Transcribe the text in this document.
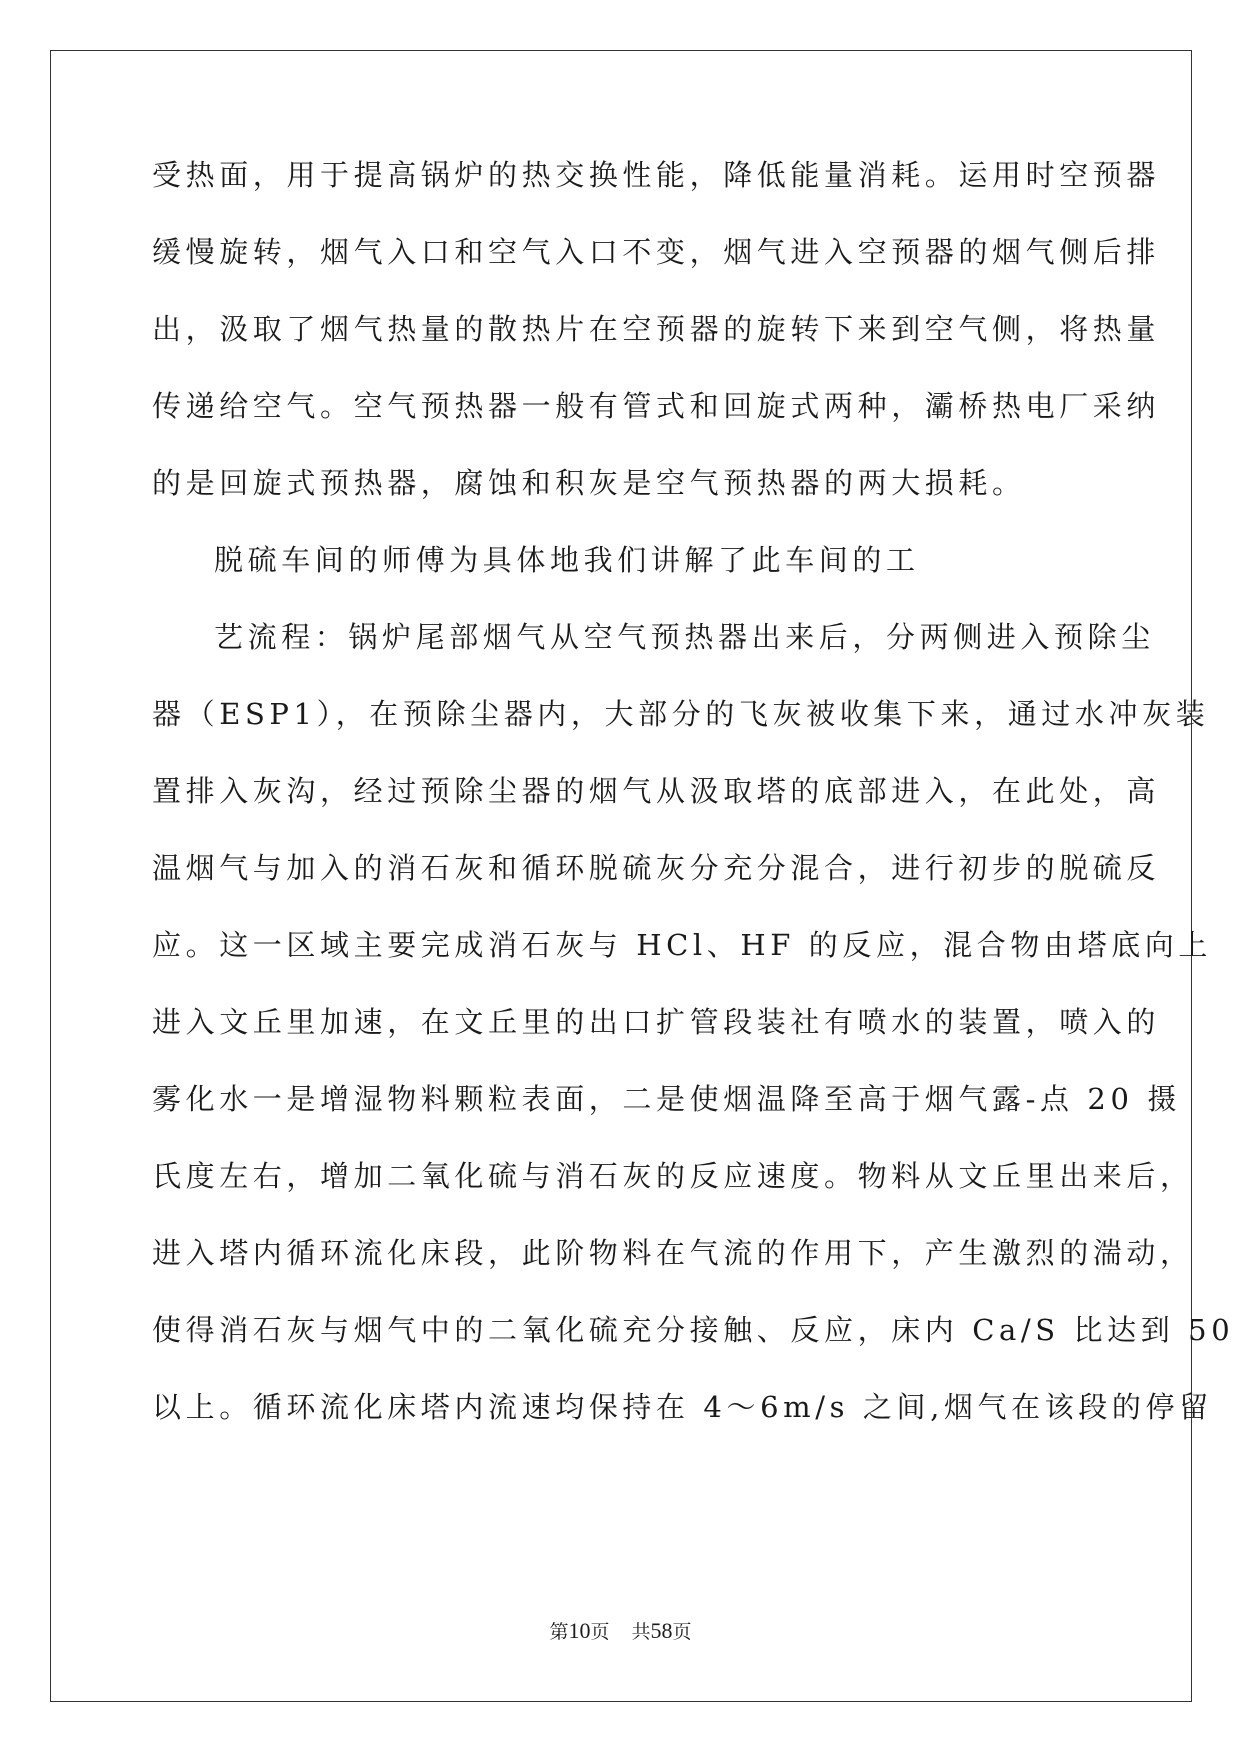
受热面，用于提高锅炉的热交换性能，降低能量消耗。运用时空预器
缓慢旋转，烟气入口和空气入口不变，烟气进入空预器的烟气侧后排
出，汲取了烟气热量的散热片在空预器的旋转下来到空气侧，将热量
传递给空气。空气预热器一般有管式和回旋式两种，灞桥热电厂采纳
的是回旋式预热器，腐蚀和积灰是空气预热器的两大损耗。
脱硫车间的师傅为具体地我们讲解了此车间的工
艺流程：锅炉尾部烟气从空气预热器出来后，分两侧进入预除尘
器（ESP1），在预除尘器内，大部分的飞灰被收集下来，通过水冲灰装
置排入灰沟，经过预除尘器的烟气从汲取塔的底部进入，在此处，高
温烟气与加入的消石灰和循环脱硫灰分充分混合，进行初步的脱硫反
应。这一区域主要完成消石灰与 HCl、HF 的反应，混合物由塔底向上
进入文丘里加速，在文丘里的出口扩管段装社有喷水的装置，喷入的
雾化水一是增湿物料颗粒表面，二是使烟温降至高于烟气露-点 20 摄
氏度左右，增加二氧化硫与消石灰的反应速度。物料从文丘里出来后，
进入塔内循环流化床段，此阶物料在气流的作用下，产生激烈的湍动，
使得消石灰与烟气中的二氧化硫充分接触、反应，床内 Ca/S 比达到 50
以上。循环流化床塔内流速均保持在 4～6m/s 之间,烟气在该段的停留
第10页 共58页
